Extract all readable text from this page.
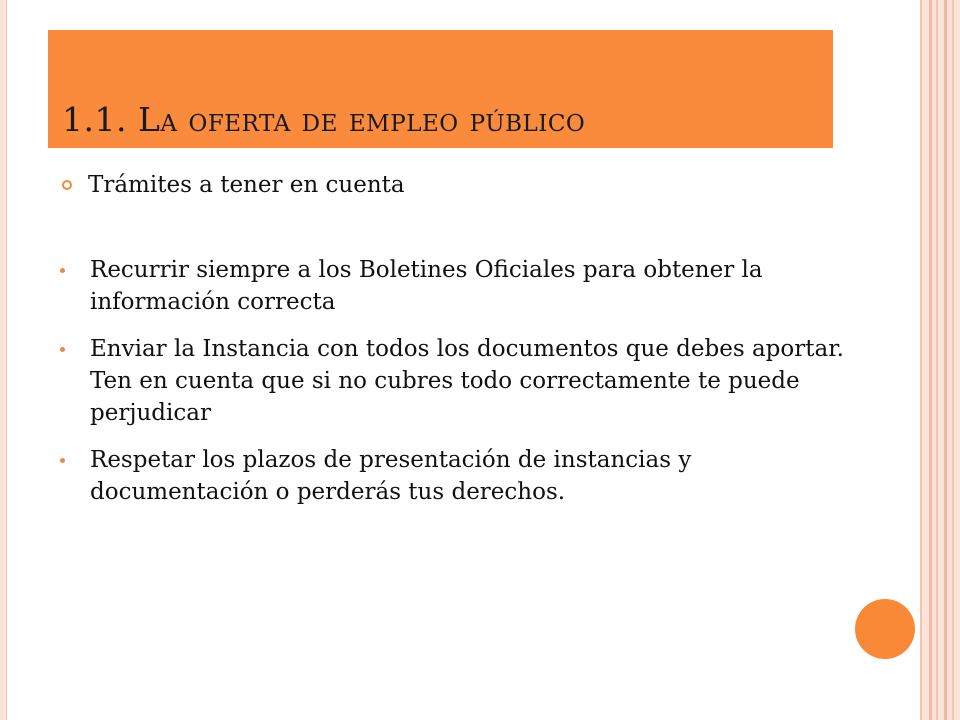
1.1. La oferta de empleo público
Trámites a tener en cuenta
Recurrir siempre a los Boletines Oficiales para obtener la información correcta
Enviar la Instancia con todos los documentos que debes aportar. Ten en cuenta que si no cubres todo correctamente te puede perjudicar
Respetar los plazos de presentación de instancias y documentación o perderás tus derechos.
